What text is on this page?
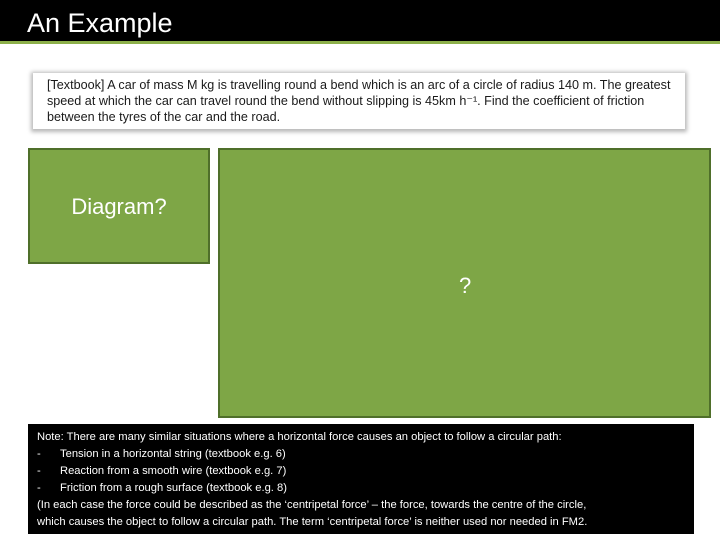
An Example

[Textbook] A car of mass M kg is travelling round a bend which is an arc of a circle of radius 140 m. The greatest speed at which the car can travel round the bend without slipping is 45km h⁻¹. Find the coefficient of friction between the tyres of the car and the road.

Diagram?
?

Note: There are many similar situations where a horizontal force causes an object to follow a circular path:

- Tension in a horizontal string (textbook e.g. 6)
- Reaction from a smooth wire (textbook e.g. 7)
- Friction from a rough surface (textbook e.g. 8)

(In each case the force could be described as the ‘centripetal force’ – the force, towards the centre of the circle,

which causes the object to follow a circular path. The term ‘centripetal force’ is neither used nor needed in FM2.
